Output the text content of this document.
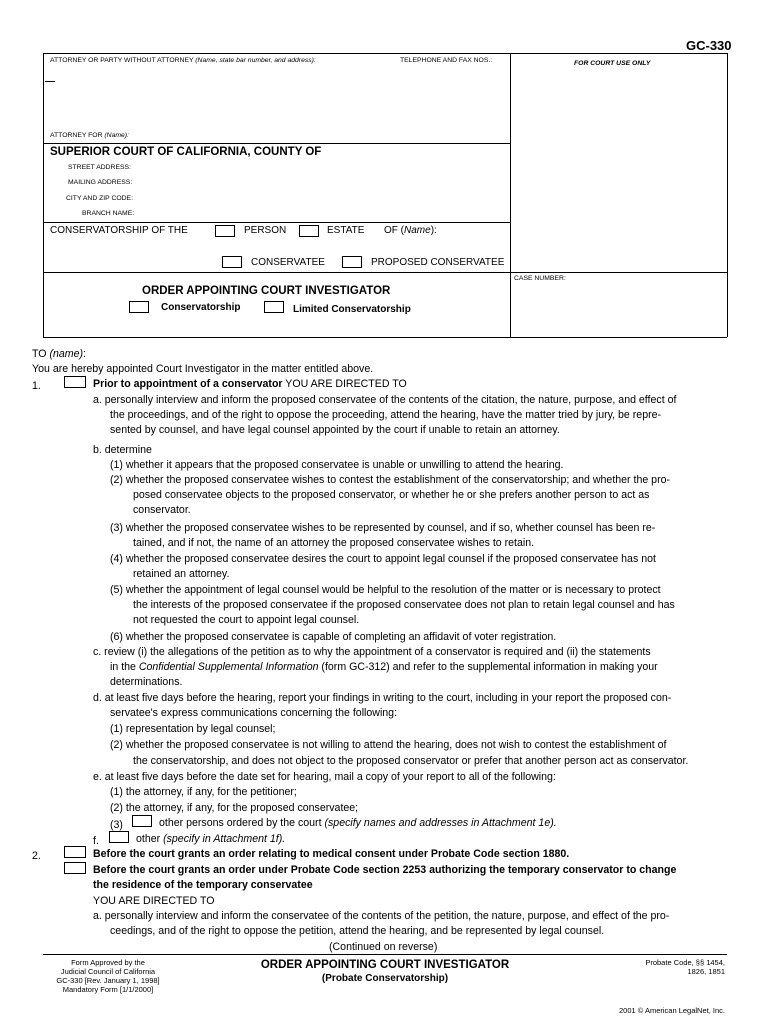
GC-330
ATTORNEY OR PARTY WITHOUT ATTORNEY (Name, state bar number, and address):	TELEPHONE AND FAX NOS.:	FOR COURT USE ONLY
ATTORNEY FOR (Name):
SUPERIOR COURT OF CALIFORNIA, COUNTY OF
STREET ADDRESS:
MAILING ADDRESS:
CITY AND ZIP CODE:
BRANCH NAME:
CONSERVATORSHIP OF THE	PERSON	ESTATE OF (Name):
CONSERVATEE	PROPOSED CONSERVATEE
CASE NUMBER:
ORDER APPOINTING COURT INVESTIGATOR
Conservatorship	Limited Conservatorship
TO (name):
You are hereby appointed Court Investigator in the matter entitled above.
1.	Prior to appointment of a conservator YOU ARE DIRECTED TO
a. personally interview and inform the proposed conservatee of the contents of the citation, the nature, purpose, and effect of
the proceedings, and of the right to oppose the proceeding, attend the hearing, have the matter tried by jury, be repre-
sented by counsel, and have legal counsel appointed by the court if unable to retain an attorney.
b. determine
(1) whether it appears that the proposed conservatee is unable or unwilling to attend the hearing.
(2) whether the proposed conservatee wishes to contest the establishment of the conservatorship; and whether the pro-
posed conservatee objects to the proposed conservator, or whether he or she prefers another person to act as
conservator.
(3) whether the proposed conservatee wishes to be represented by counsel, and if so, whether counsel has been re-
tained, and if not, the name of an attorney the proposed conservatee wishes to retain.
(4) whether the proposed conservatee desires the court to appoint legal counsel if the proposed conservatee has not
retained an attorney.
(5) whether the appointment of legal counsel would be helpful to the resolution of the matter or is necessary to protect
the interests of the proposed conservatee if the proposed conservatee does not plan to retain legal counsel and has
not requested the court to appoint legal counsel.
(6) whether the proposed conservatee is capable of completing an affidavit of voter registration.
c. review (i) the allegations of the petition as to why the appointment of a conservator is required and (ii) the statements
in the Confidential Supplemental Information (form GC-312) and refer to the supplemental information in making your
determinations.
d. at least five days before the hearing, report your findings in writing to the court, including in your report the proposed con-
servatee's express communications concerning the following:
(1) representation by legal counsel;
(2) whether the proposed conservatee is not willing to attend the hearing, does not wish to contest the establishment of
the conservatorship, and does not object to the proposed conservator or prefer that another person act as conservator.
e. at least five days before the date set for hearing, mail a copy of your report to all of the following:
(1) the attorney, if any, for the petitioner;
(2) the attorney, if any, for the proposed conservatee;
(3)	other persons ordered by the court (specify names and addresses in Attachment 1e).
f.	other (specify in Attachment 1f).
2.	Before the court grants an order relating to medical consent under Probate Code section 1880.
Before the court grants an order under Probate Code section 2253 authorizing the temporary conservator to change
the residence of the temporary conservatee
YOU ARE DIRECTED TO
a. personally interview and inform the conservatee of the contents of the petition, the nature, purpose, and effect of the pro-
ceedings, and of the right to oppose the petition, attend the hearing, and be represented by legal counsel.
(Continued on reverse)
Form Approved by the
Judicial Council of California
GC-330 [Rev. January 1, 1998]
Mandatory Form [1/1/2000]
ORDER APPOINTING COURT INVESTIGATOR
(Probate Conservatorship)
Probate Code, §§ 1454,
1826, 1851
2001 © American LegalNet, Inc.
